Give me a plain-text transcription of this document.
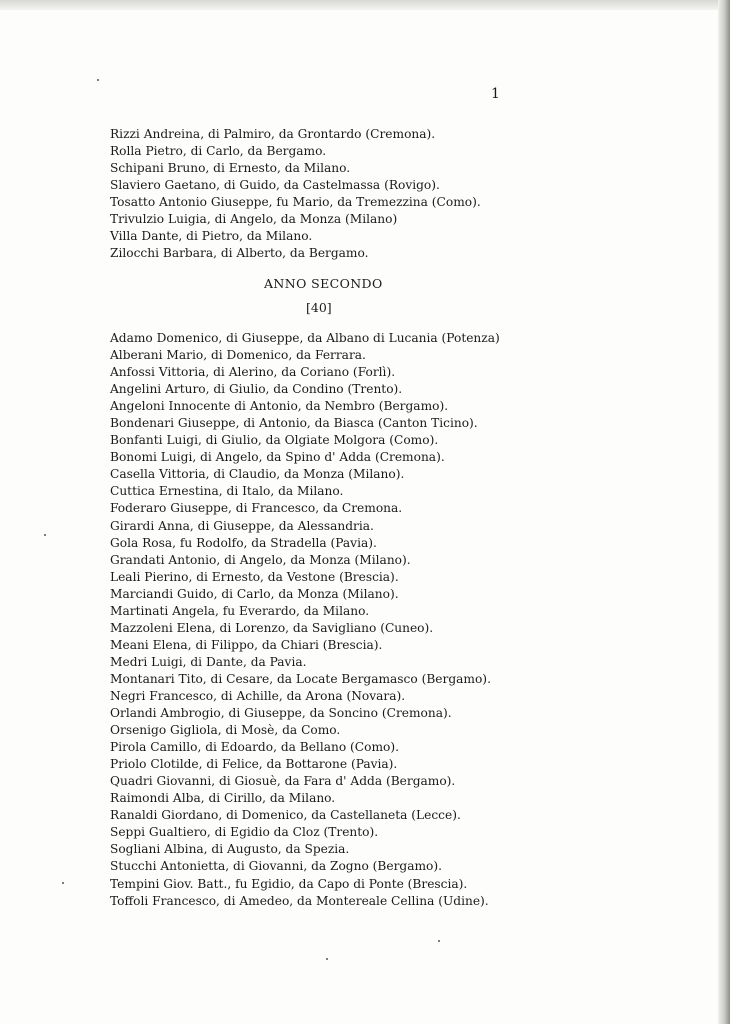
1
Rizzi Andreina, di Palmiro, da Grontardo (Cremona).
Rolla Pietro, di Carlo, da Bergamo.
Schipani Bruno, di Ernesto, da Milano.
Slaviero Gaetano, di Guido, da Castelmassa (Rovigo).
Tosatto Antonio Giuseppe, fu Mario, da Tremezzina (Como).
Trivulzio Luigia, di Angelo, da Monza (Milano)
Villa Dante, di Pietro, da Milano.
Zilocchi Barbara, di Alberto, da Bergamo.
ANNO SECONDO
[40]
Adamo Domenico, di Giuseppe, da Albano di Lucania (Potenza)
Alberani Mario, di Domenico, da Ferrara.
Anfossi Vittoria, di Alerino, da Coriano (Forlì).
Angelini Arturo, di Giulio, da Condino (Trento).
Angeloni Innocente di Antonio, da Nembro (Bergamo).
Bondenari Giuseppe, di Antonio, da Biasca (Canton Ticino).
Bonfanti Luigi, di Giulio, da Olgiate Molgora (Como).
Bonomi Luigi, di Angelo, da Spino d' Adda (Cremona).
Casella Vittoria, di Claudio, da Monza (Milano).
Cuttica Ernestina, di Italo, da Milano.
Foderaro Giuseppe, di Francesco, da Cremona.
Girardi Anna, di Giuseppe, da Alessandria.
Gola Rosa, fu Rodolfo, da Stradella (Pavia).
Grandati Antonio, di Angelo, da Monza (Milano).
Leali Pierino, di Ernesto, da Vestone (Brescia).
Marciandi Guido, di Carlo, da Monza (Milano).
Martinati Angela, fu Everardo, da Milano.
Mazzoleni Elena, di Lorenzo, da Savigliano (Cuneo).
Meani Elena, di Filippo, da Chiari (Brescia).
Medri Luigi, di Dante, da Pavia.
Montanari Tito, di Cesare, da Locate Bergamasco (Bergamo).
Negri Francesco, di Achille, da Arona (Novara).
Orlandi Ambrogio, di Giuseppe, da Soncino (Cremona).
Orsenigo Gigliola, di Mosè, da Como.
Pirola Camillo, di Edoardo, da Bellano (Como).
Priolo Clotilde, di Felice, da Bottarone (Pavia).
Quadri Giovanni, di Giosuè, da Fara d' Adda (Bergamo).
Raimondi Alba, di Cirillo, da Milano.
Ranaldi Giordano, di Domenico, da Castellaneta (Lecce).
Seppi Gualtiero, di Egidio da Cloz (Trento).
Sogliani Albina, di Augusto, da Spezia.
Stucchi Antonietta, di Giovanni, da Zogno (Bergamo).
Tempini Giov. Batt., fu Egidio, da Capo di Ponte (Brescia).
Toffoli Francesco, di Amedeo, da Montereale Cellina (Udine).
